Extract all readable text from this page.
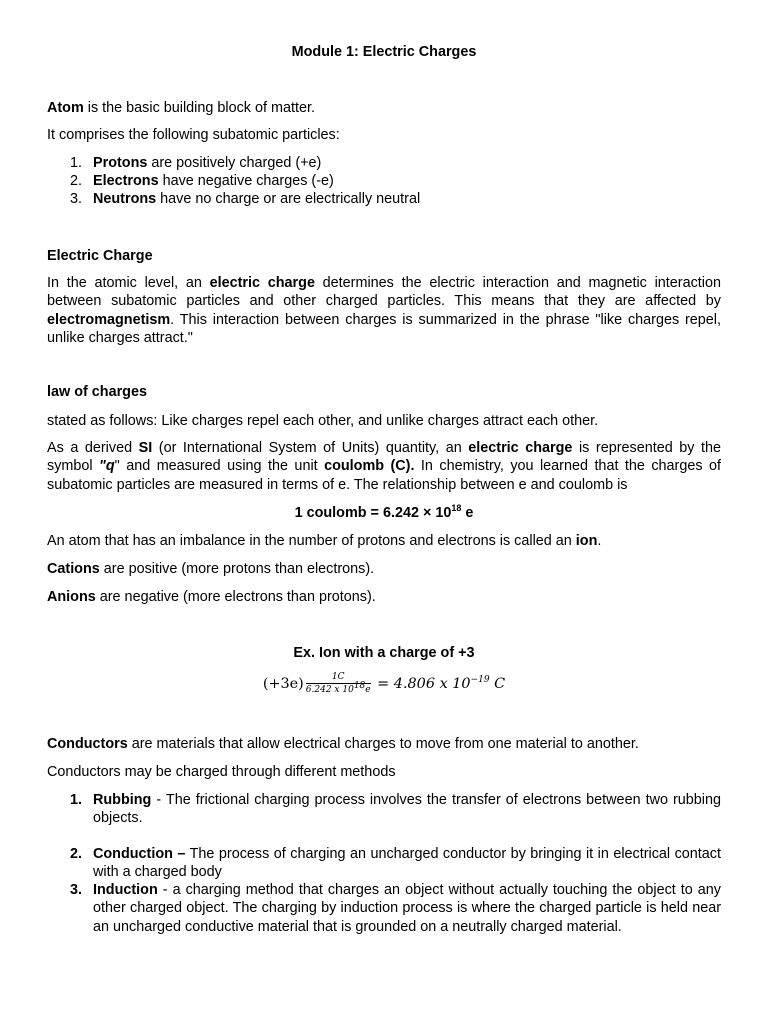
Module 1: Electric Charges
Atom is the basic building block of matter.
It comprises the following subatomic particles:
1. Protons are positively charged (+e)
2. Electrons have negative charges (-e)
3. Neutrons have no charge or are electrically neutral
Electric Charge
In the atomic level, an electric charge determines the electric interaction and magnetic interaction between subatomic particles and other charged particles. This means that they are affected by electromagnetism. This interaction between charges is summarized in the phrase "like charges repel, unlike charges attract."
law of charges
stated as follows: Like charges repel each other, and unlike charges attract each other.
As a derived SI (or International System of Units) quantity, an electric charge is represented by the symbol "q" and measured using the unit coulomb (C). In chemistry, you learned that the charges of subatomic particles are measured in terms of e. The relationship between e and coulomb is
1 coulomb = $6.242 \times 10^{18}$ e
An atom that has an imbalance in the number of protons and electrons is called an ion.
Cations are positive (more protons than electrons).
Anions are negative (more electrons than protons).
Ex. Ion with a charge of +3
$(+3e) \frac{1C}{6.242 x 10^{18}e} = 4.806$ x $10^{-19}$ C
Conductors are materials that allow electrical charges to move from one material to another.
Conductors may be charged through different methods
1. Rubbing - The frictional charging process involves the transfer of electrons between two rubbing objects.
2. Conduction – The process of charging an uncharged conductor by bringing it in electrical contact with a charged body
3. Induction - a charging method that charges an object without actually touching the object to any other charged object. The charging by induction process is where the charged particle is held near an uncharged conductive material that is grounded on a neutrally charged material.
